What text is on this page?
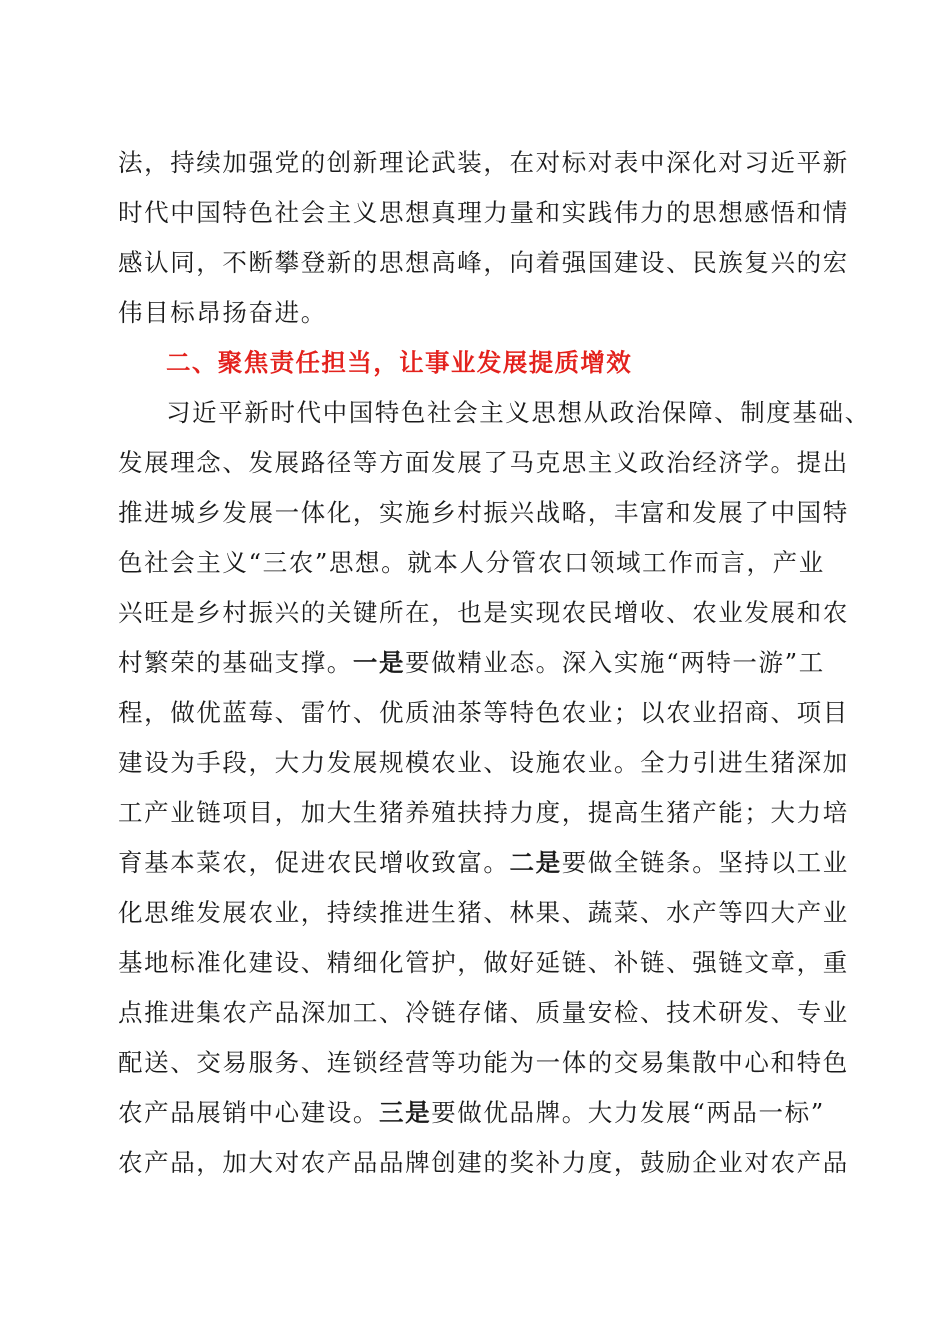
法，持续加强党的创新理论武装，在对标对表中深化对习近平新
时代中国特色社会主义思想真理力量和实践伟力的思想感悟和情
感认同，不断攀登新的思想高峰，向着强国建设、民族复兴的宏
伟目标昂扬奋进。
二、聚焦责任担当，让事业发展提质增效
习近平新时代中国特色社会主义思想从政治保障、制度基础、
发展理念、发展路径等方面发展了马克思主义政治经济学。提出
推进城乡发展一体化，实施乡村振兴战略，丰富和发展了中国特
色社会主义“三农”思想。就本人分管农口领域工作而言，产业
兴旺是乡村振兴的关键所在，也是实现农民增收、农业发展和农
村繁荣的基础支撑。一是要做精业态。深入实施“两特一游”工
程，做优蓝莓、雷竹、优质油茶等特色农业；以农业招商、项目
建设为手段，大力发展规模农业、设施农业。全力引进生猪深加
工产业链项目，加大生猪养殖扶持力度，提高生猪产能；大力培
育基本菜农，促进农民增收致富。二是要做全链条。坚持以工业
化思维发展农业，持续推进生猪、林果、蔬菜、水产等四大产业
基地标准化建设、精细化管护，做好延链、补链、强链文章，重
点推进集农产品深加工、冷链存储、质量安检、技术研发、专业
配送、交易服务、连锁经营等功能为一体的交易集散中心和特色
农产品展销中心建设。三是要做优品牌。大力发展“两品一标”
农产品，加大对农产品品牌创建的奖补力度，鼓励企业对农产品
